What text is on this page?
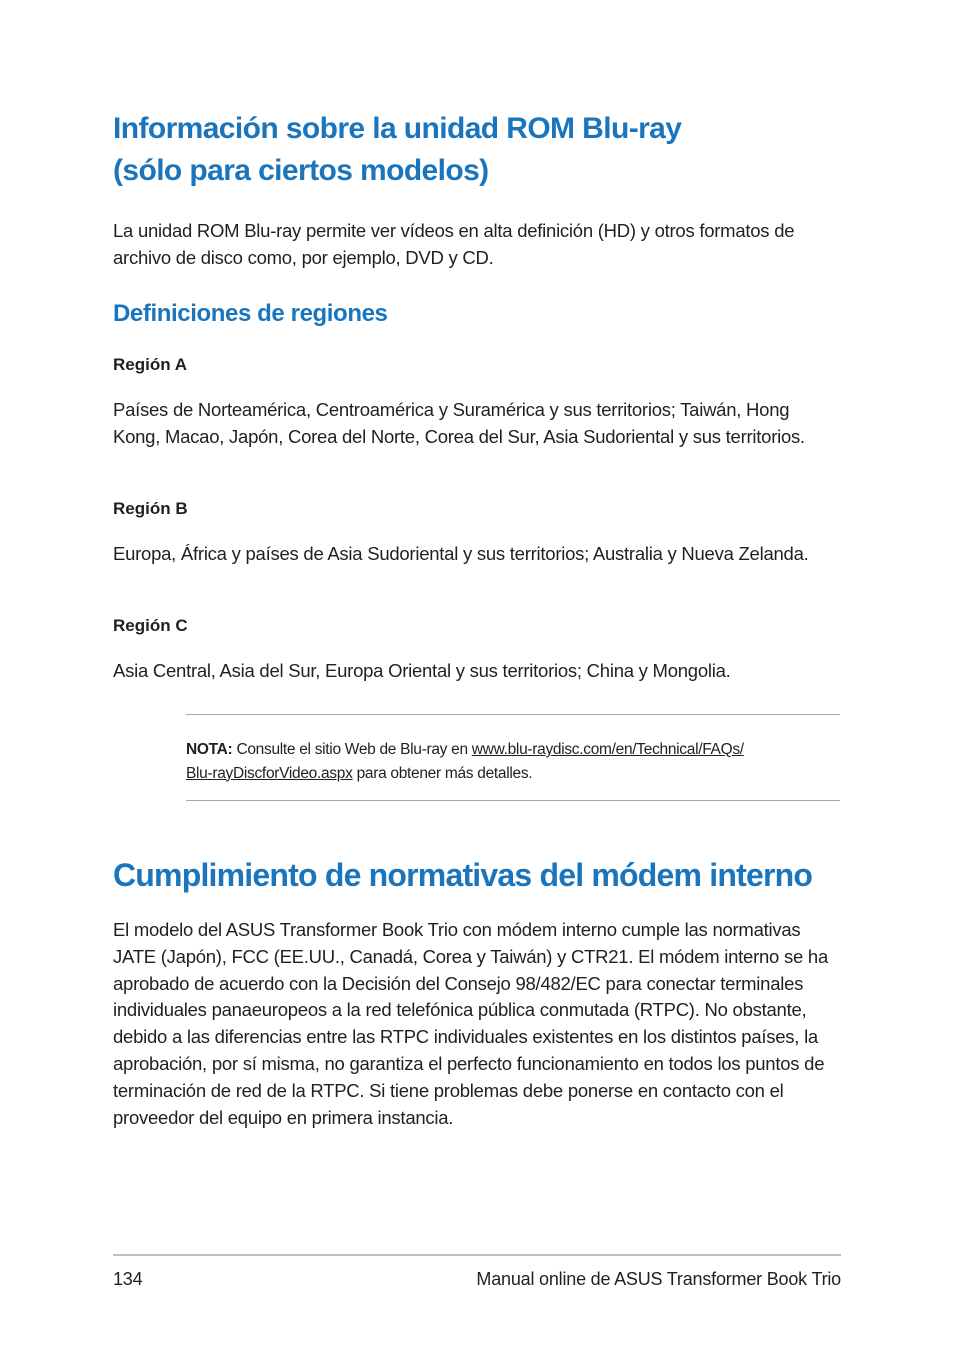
Información sobre la unidad ROM Blu-ray
(sólo para ciertos modelos)

La unidad ROM Blu-ray permite ver vídeos en alta definición (HD) y otros formatos de archivo de disco como, por ejemplo, DVD y CD.

Definiciones de regiones
Región A

Países de Norteamérica, Centroamérica y Suramérica y sus territorios; Taiwán, Hong Kong, Macao, Japón, Corea del Norte, Corea del Sur, Asia Sudoriental y sus territorios.

Región B

Europa, África y países de Asia Sudoriental y sus territorios; Australia y Nueva Zelanda.

Región C

Asia Central, Asia del Sur, Europa Oriental y sus territorios; China y Mongolia.

NOTA: Consulte el sitio Web de Blu-ray en www.blu-raydisc.com/en/Technical/FAQs/
Blu-rayDiscforVideo.aspx para obtener más detalles.

Cumplimiento de normativas del módem interno

El modelo del ASUS Transformer Book Trio con módem interno cumple las normativas JATE (Japón), FCC (EE.UU., Canadá, Corea y Taiwán) y CTR21. El módem interno se ha aprobado de acuerdo con la Decisión del Consejo 98/482/EC para conectar terminales individuales panaeuropeos a la red telefónica pública conmutada (RTPC). No obstante, debido a las diferencias entre las RTPC individuales existentes en los distintos países, la aprobación, por sí misma, no garantiza el perfecto funcionamiento en todos los puntos de terminación de red de la RTPC. Si tiene problemas debe ponerse en contacto con el proveedor del equipo en primera instancia.

134	Manual online de ASUS Transformer Book Trio
